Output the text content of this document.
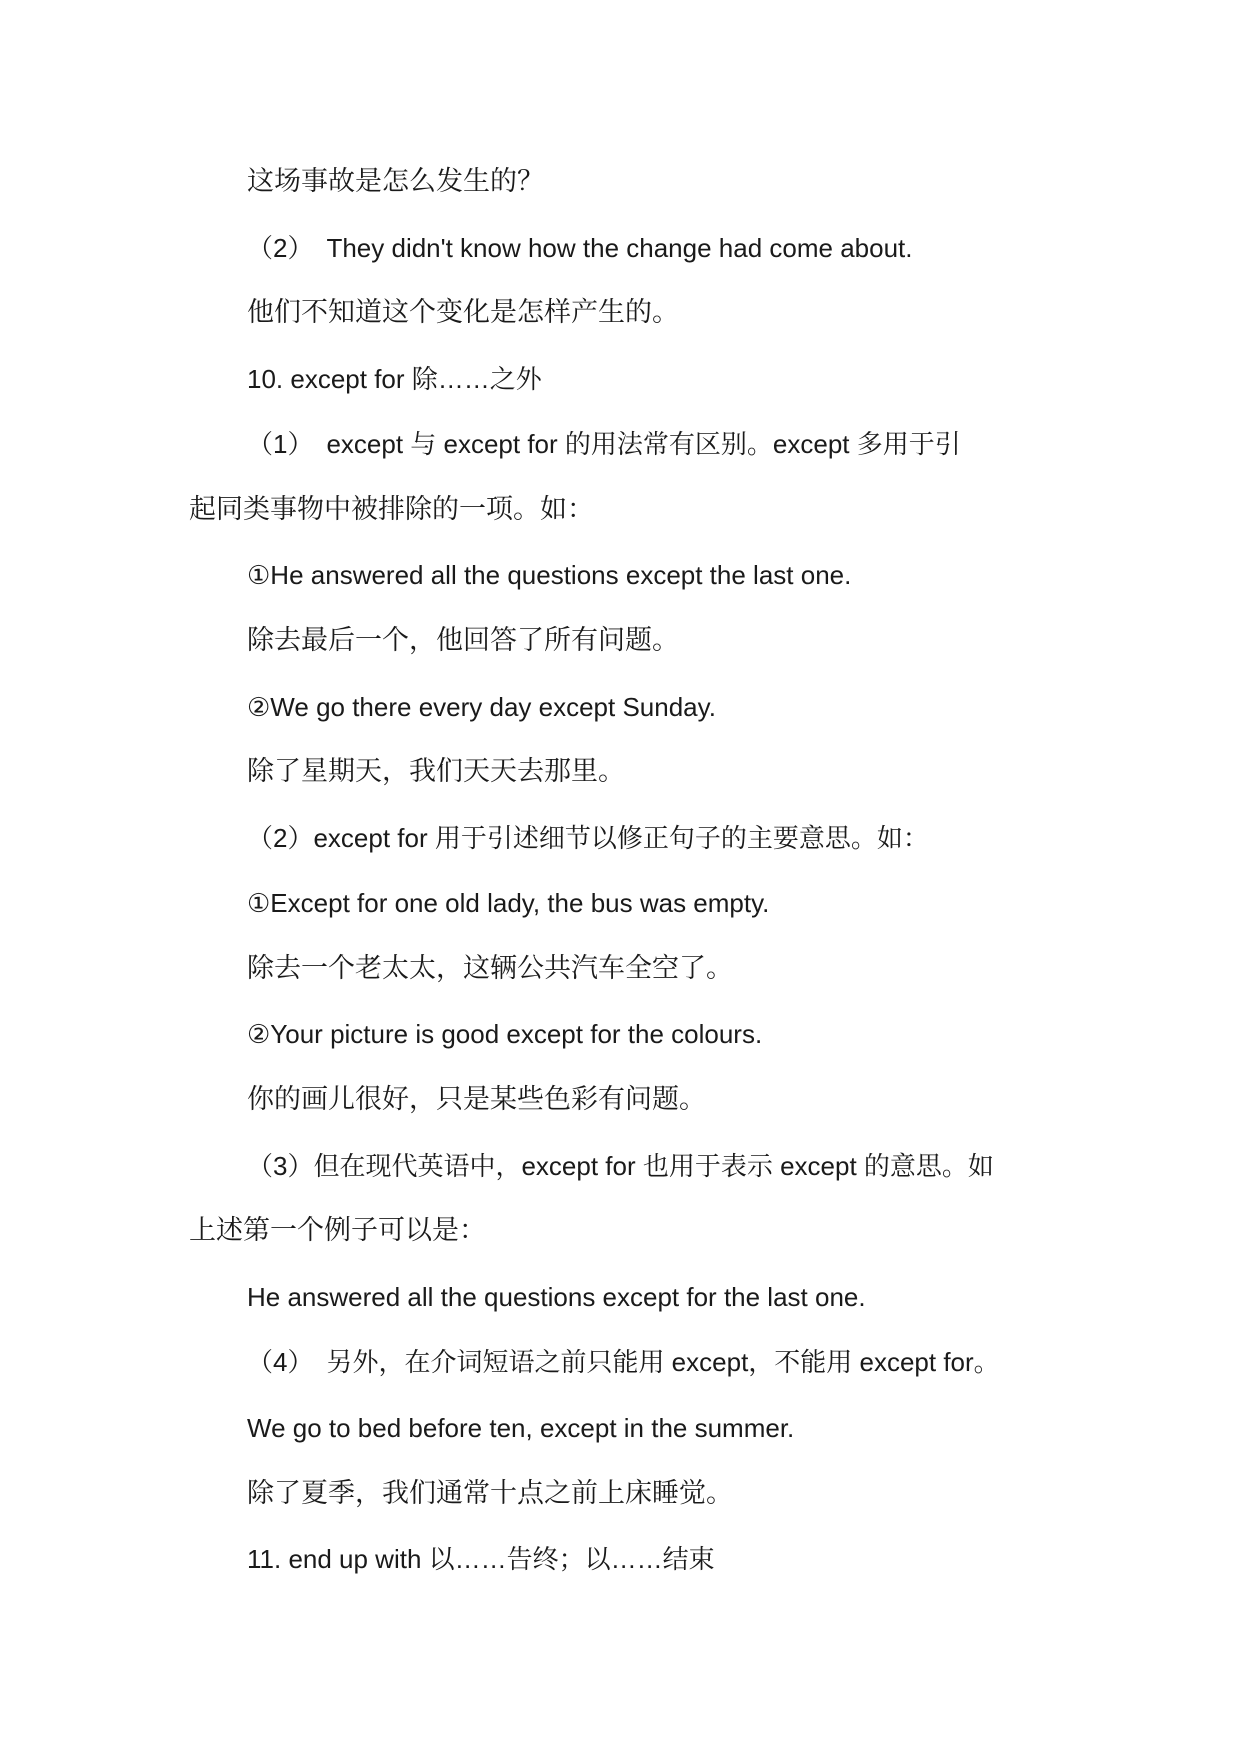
这场事故是怎么发生的？
（2）　They didn't know how the change had come about.
他们不知道这个变化是怎样产生的。
10. except for 除……之外
（1）　except 与 except for 的用法常有区别。except 多用于引
起同类事物中被排除的一项。如：
①He answered all the questions except the last one.
除去最后一个，他回答了所有问题。
②We go there every day except Sunday.
除了星期天，我们天天去那里。
（2）except for 用于引述细节以修正句子的主要意思。如：
①Except for one old lady, the bus was empty.
除去一个老太太，这辆公共汽车全空了。
②Your picture is good except for the colours.
你的画儿很好，只是某些色彩有问题。
（3）但在现代英语中，except for 也用于表示 except 的意思。如
上述第一个例子可以是：
He answered all the questions except for the last one.
（4）　另外，在介词短语之前只能用 except，不能用 except for。
We go to bed before ten, except in the summer.
除了夏季，我们通常十点之前上床睡觉。
11. end up with 以……告终；以……结束
